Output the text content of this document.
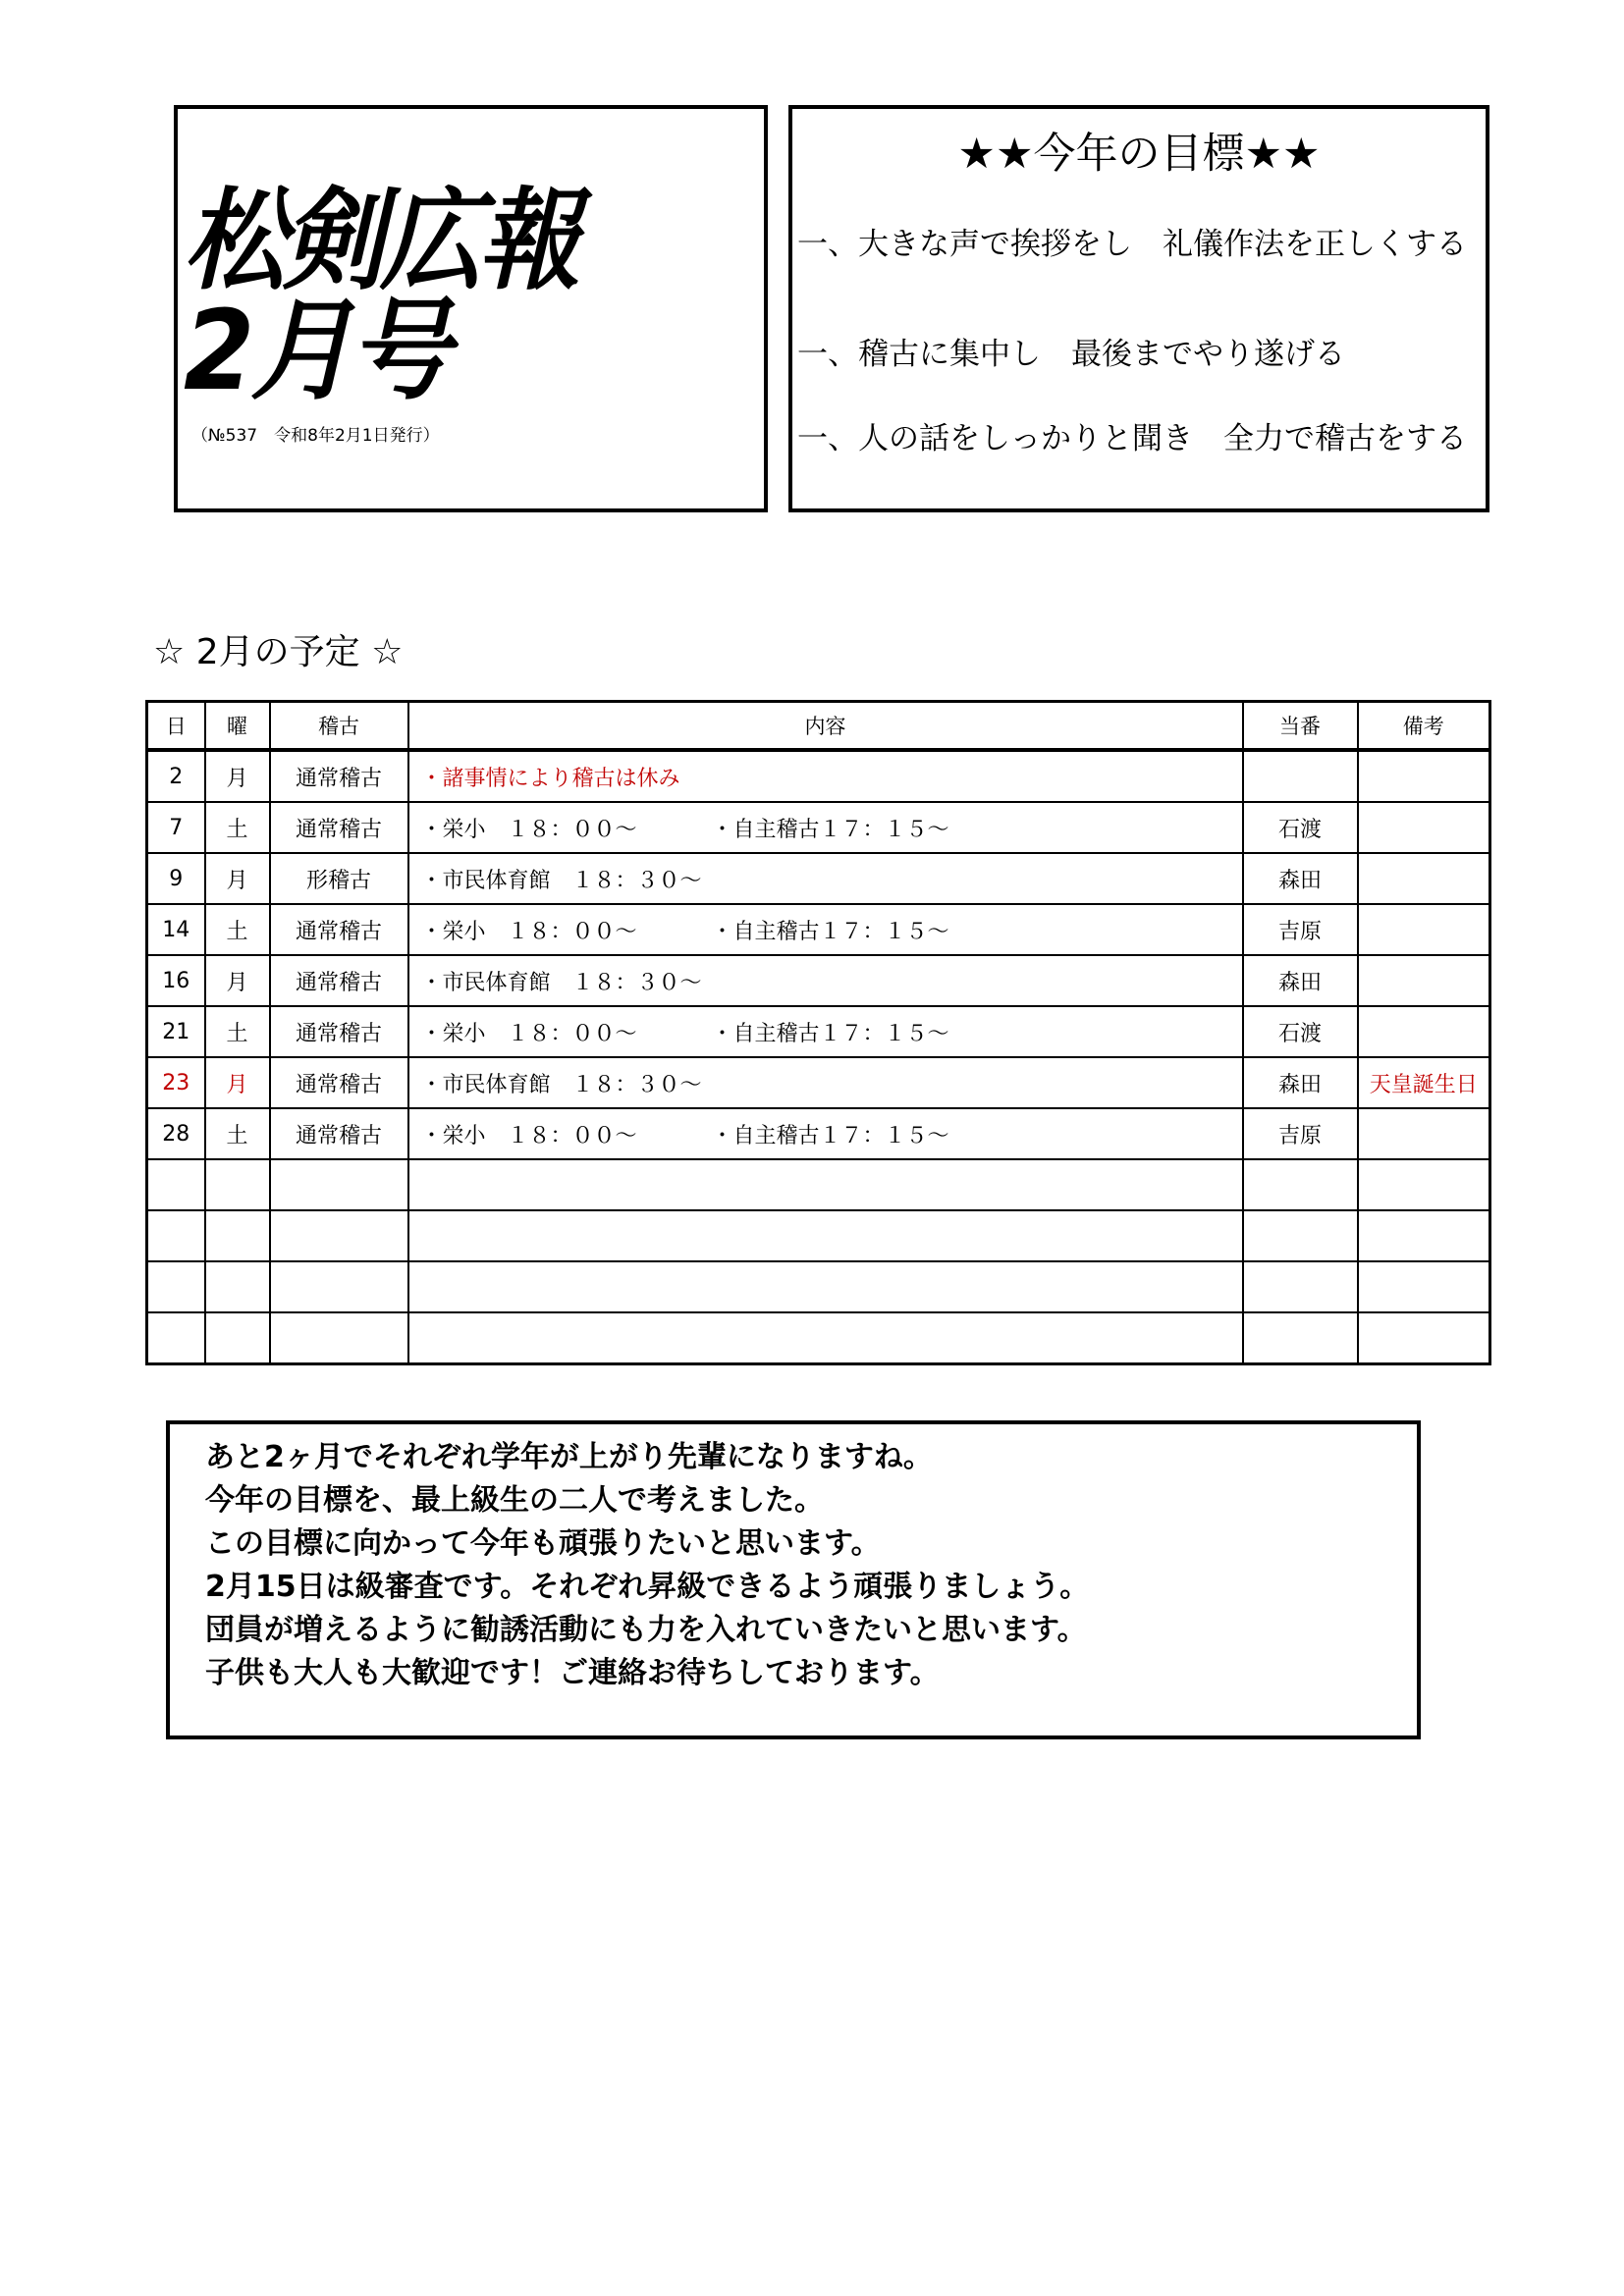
松剣広報
2月号
（№537　令和8年2月1日発行）
★★今年の目標★★
一、大きな声で挨拶をし　礼儀作法を正しくする
一、稽古に集中し　最後までやり遂げる
一、人の話をしっかりと聞き　全力で稽古をする
☆ 2月の予定 ☆
日	曜	稽古	内容	当番	備考
2	月	通常稽古	・諸事情により稽古は休み		
7	土	通常稽古	・栄小　１８：００～ ・自主稽古１７：１５～	石渡	
9	月	形稽古	・市民体育館　１８：３０～	森田	
14	土	通常稽古	・栄小　１８：００～ ・自主稽古１７：１５～	吉原	
16	月	通常稽古	・市民体育館　１８：３０～	森田	
21	土	通常稽古	・栄小　１８：００～ ・自主稽古１７：１５～	石渡	
23	月	通常稽古	・市民体育館　１８：３０～	森田	天皇誕生日
28	土	通常稽古	・栄小　１８：００～ ・自主稽古１７：１５～	吉原	

あと2ヶ月でそれぞれ学年が上がり先輩になりますね。
今年の目標を、最上級生の二人で考えました。
この目標に向かって今年も頑張りたいと思います。
2月15日は級審査です。それぞれ昇級できるよう頑張りましょう。
団員が増えるように勧誘活動にも力を入れていきたいと思います。
子供も大人も大歓迎です！ご連絡お待ちしております。
